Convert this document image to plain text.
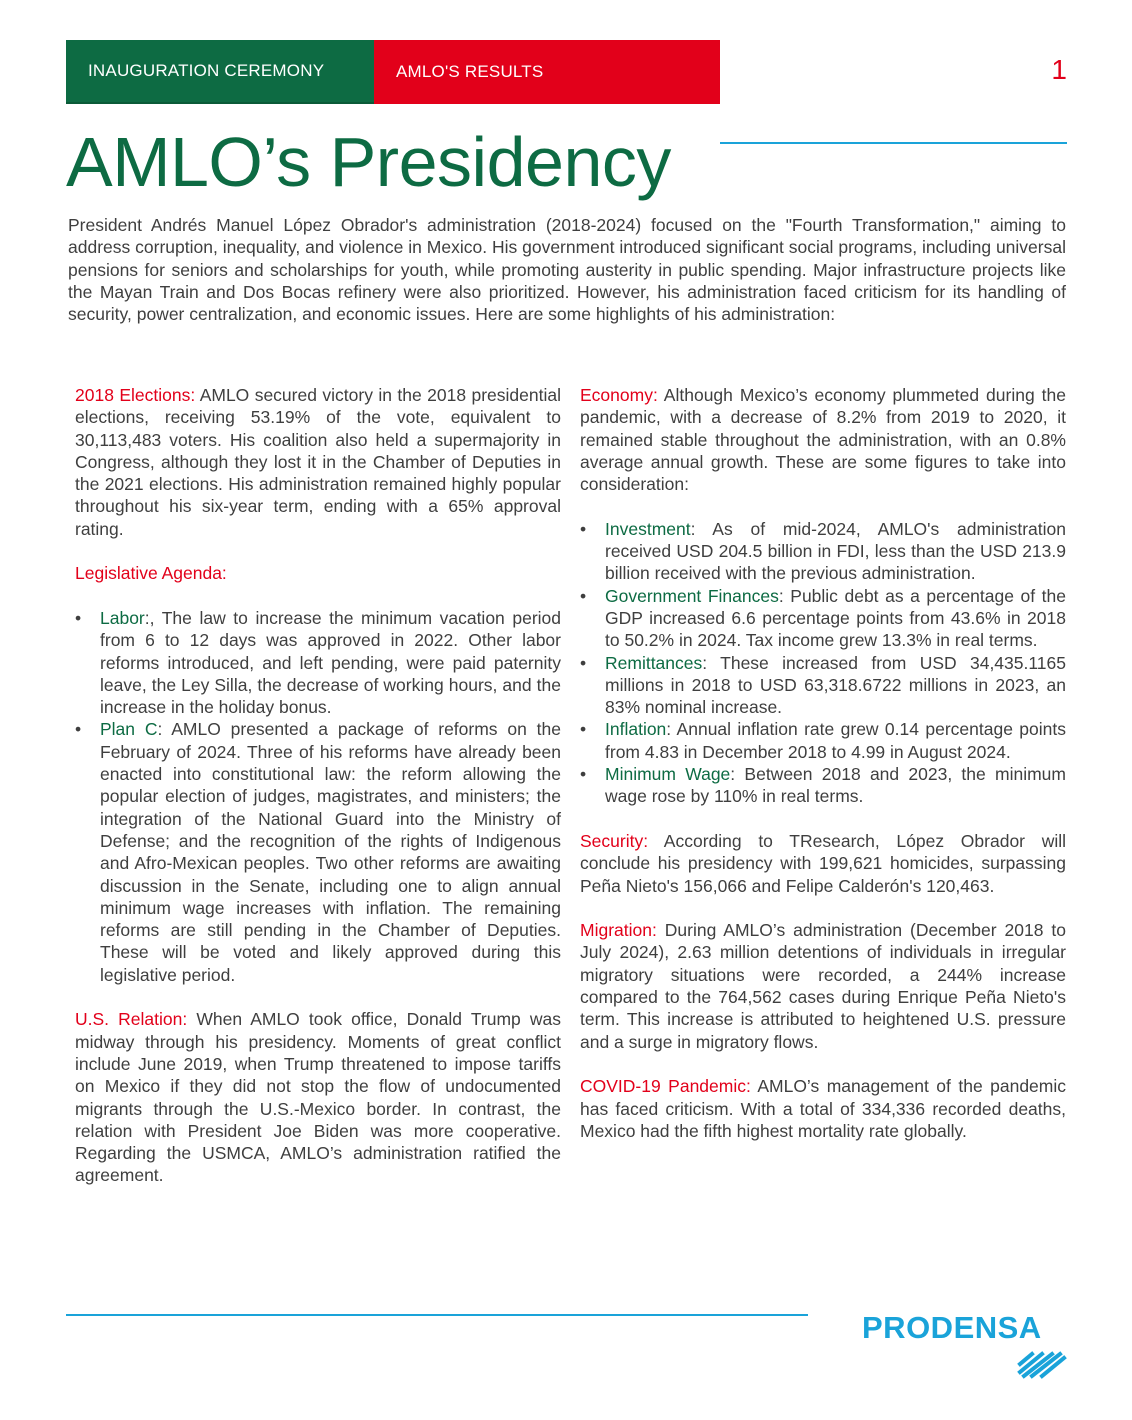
INAUGURATION CEREMONY	AMLO'S RESULTS	1
AMLO’s Presidency

President Andrés Manuel López Obrador's administration (2018-2024) focused on the "Fourth Transformation," aiming to address corruption, inequality, and violence in Mexico. His government introduced significant social programs, including universal pensions for seniors and scholarships for youth, while promoting austerity in public spending. Major infrastructure projects like the Mayan Train and Dos Bocas refinery were also prioritized. However, his administration faced criticism for its handling of security, power centralization, and economic issues. Here are some highlights of his administration:

2018 Elections: AMLO secured victory in the 2018 presidential elections, receiving 53.19% of the vote, equivalent to 30,113,483 voters. His coalition also held a supermajority in Congress, although they lost it in the Chamber of Deputies in the 2021 elections. His administration remained highly popular throughout his six-year term, ending with a 65% approval rating.

Legislative Agenda:

• Labor:, The law to increase the minimum vacation period from 6 to 12 days was approved in 2022. Other labor reforms introduced, and left pending, were paid paternity leave, the Ley Silla, the decrease of working hours, and the increase in the holiday bonus.
• Plan C: AMLO presented a package of reforms on the February of 2024. Three of his reforms have already been enacted into constitutional law: the reform allowing the popular election of judges, magistrates, and ministers; the integration of the National Guard into the Ministry of Defense; and the recognition of the rights of Indigenous and Afro-Mexican peoples. Two other reforms are awaiting discussion in the Senate, including one to align annual minimum wage increases with inflation. The remaining reforms are still pending in the Chamber of Deputies. These will be voted and likely approved during this legislative period.

U.S. Relation: When AMLO took office, Donald Trump was midway through his presidency. Moments of great conflict include June 2019, when Trump threatened to impose tariffs on Mexico if they did not stop the flow of undocumented migrants through the U.S.-Mexico border. In contrast, the relation with President Joe Biden was more cooperative. Regarding the USMCA, AMLO’s administration ratified the agreement.

Economy: Although Mexico’s economy plummeted during the pandemic, with a decrease of 8.2% from 2019 to 2020, it remained stable throughout the administration, with an 0.8% average annual growth. These are some figures to take into consideration:

• Investment: As of mid-2024, AMLO's administration received USD 204.5 billion in FDI, less than the USD 213.9 billion received with the previous administration.
• Government Finances: Public debt as a percentage of the GDP increased 6.6 percentage points from 43.6% in 2018 to 50.2% in 2024. Tax income grew 13.3% in real terms.
• Remittances: These increased from USD 34,435.1165 millions in 2018 to USD 63,318.6722 millions in 2023, an 83% nominal increase.
• Inflation: Annual inflation rate grew 0.14 percentage points from 4.83 in December 2018 to 4.99 in August 2024.
• Minimum Wage: Between 2018 and 2023, the minimum wage rose by 110% in real terms.

Security: According to TResearch, López Obrador will conclude his presidency with 199,621 homicides, surpassing Peña Nieto's 156,066 and Felipe Calderón's 120,463.

Migration: During AMLO’s administration (December 2018 to July 2024), 2.63 million detentions of individuals in irregular migratory situations were recorded, a 244% increase compared to the 764,562 cases during Enrique Peña Nieto's term. This increase is attributed to heightened U.S. pressure and a surge in migratory flows.

COVID-19 Pandemic: AMLO’s management of the pandemic has faced criticism. With a total of 334,336 recorded deaths, Mexico had the fifth highest mortality rate globally.

PRODENSA
